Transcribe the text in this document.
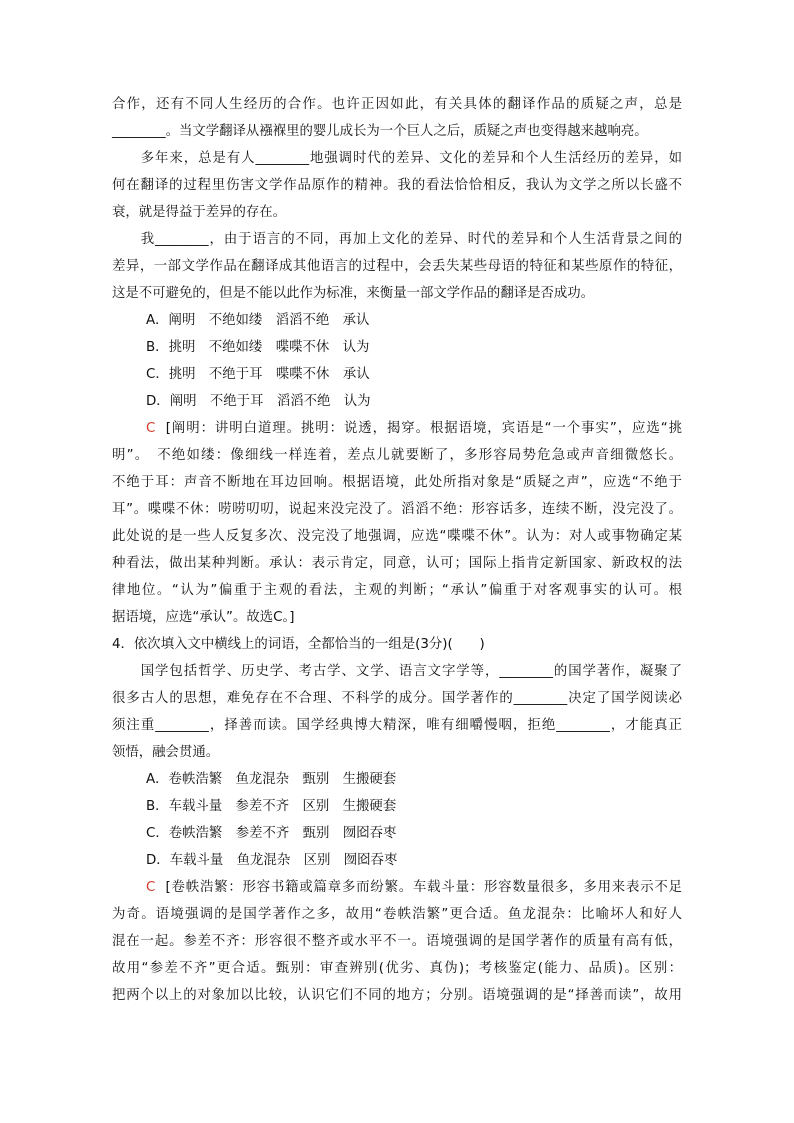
合作，还有不同人生经历的合作。也许正因如此，有关具体的翻译作品的质疑之声，总是
________。当文学翻译从襁褓里的婴儿成长为一个巨人之后，质疑之声也变得越来越响亮。
　　多年来，总是有人________地强调时代的差异、文化的差异和个人生活经历的差异，如
何在翻译的过程里伤害文学作品原作的精神。我的看法恰恰相反，我认为文学之所以长盛不
衰，就是得益于差异的存在。
　　我________，由于语言的不同，再加上文化的差异、时代的差异和个人生活背景之间的
差异，一部文学作品在翻译成其他语言的过程中，会丢失某些母语的特征和某些原作的特征，
这是不可避免的，但是不能以此作为标准，来衡量一部文学作品的翻译是否成功。
A．阐明　不绝如缕　滔滔不绝　承认
B．挑明　不绝如缕　喋喋不休　认为
C．挑明　不绝于耳　喋喋不休　承认
D．阐明　不绝于耳　滔滔不绝　认为
C [阐明：讲明白道理。挑明：说透，揭穿。根据语境，宾语是“一个事实”，应选“挑
明”。　不绝如缕：像细线一样连着，差点儿就要断了，多形容局势危急或声音细微悠长。
不绝于耳：声音不断地在耳边回响。根据语境，此处所指对象是“质疑之声”，应选“不绝于
耳”。喋喋不休：唠唠叨叨，说起来没完没了。滔滔不绝：形容话多，连续不断，没完没了。
此处说的是一些人反复多次、没完没了地强调，应选“喋喋不休”。认为：对人或事物确定某
种看法，做出某种判断。承认：表示肯定，同意，认可；国际上指肯定新国家、新政权的法
律地位。“认为”偏重于主观的看法，主观的判断；“承认”偏重于对客观事实的认可。根
据语境，应选“承认”。故选C。]
4．依次填入文中横线上的词语，全都恰当的一组是(3分)(　　)
　　国学包括哲学、历史学、考古学、文学、语言文字学等，________的国学著作，凝聚了
很多古人的思想，难免存在不合理、不科学的成分。国学著作的________决定了国学阅读必
须注重________，择善而读。国学经典博大精深，唯有细嚼慢咽，拒绝________，才能真正
领悟，融会贯通。
A．卷帙浩繁　鱼龙混杂　甄别　生搬硬套
B．车载斗量　参差不齐　区别　生搬硬套
C．卷帙浩繁　参差不齐　甄别　囫囵吞枣
D．车载斗量　鱼龙混杂　区别　囫囵吞枣
C [卷帙浩繁：形容书籍或篇章多而纷繁。车载斗量：形容数量很多，多用来表示不足
为奇。语境强调的是国学著作之多，故用“卷帙浩繁”更合适。鱼龙混杂：比喻坏人和好人
混在一起。参差不齐：形容很不整齐或水平不一。语境强调的是国学著作的质量有高有低，
故用“参差不齐”更合适。甄别：审查辨别(优劣、真伪)；考核鉴定(能力、品质)。区别：
把两个以上的对象加以比较，认识它们不同的地方；分别。语境强调的是“择善而读”，故用
